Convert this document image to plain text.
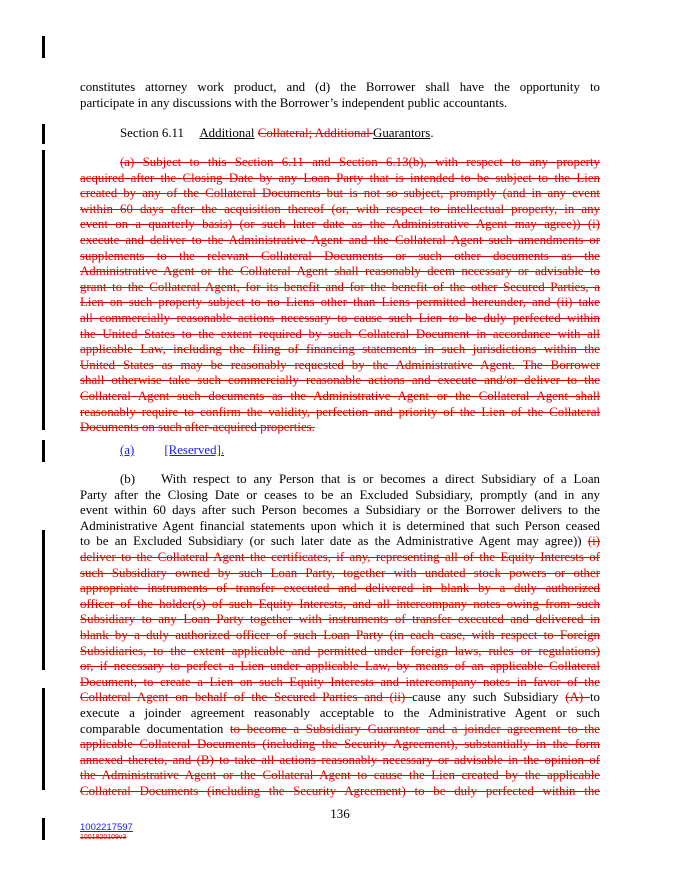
constitutes attorney work product, and (d) the Borrower shall have the opportunity to
participate in any discussions with the Borrower’s independent public accountants.
Section 6.11 Additional Collateral; Additional Guarantors.
(a) Subject to this Section 6.11 and Section 6.13(b), with respect to any property
acquired after the Closing Date by any Loan Party that is intended to be subject to the Lien
created by any of the Collateral Documents but is not so subject, promptly (and in any event
within 60 days after the acquisition thereof (or, with respect to intellectual property, in any
event on a quarterly basis) (or such later date as the Administrative Agent may agree)) (i)
execute and deliver to the Administrative Agent and the Collateral Agent such amendments or
supplements to the relevant Collateral Documents or such other documents as the
Administrative Agent or the Collateral Agent shall reasonably deem necessary or advisable to
grant to the Collateral Agent, for its benefit and for the benefit of the other Secured Parties, a
Lien on such property subject to no Liens other than Liens permitted hereunder, and (ii) take
all commercially reasonable actions necessary to cause such Lien to be duly perfected within
the United States to the extent required by such Collateral Document in accordance with all
applicable Law, including the filing of financing statements in such jurisdictions within the
United States as may be reasonably requested by the Administrative Agent. The Borrower
shall otherwise take such commercially reasonable actions and execute and/or deliver to the
Collateral Agent such documents as the Administrative Agent or the Collateral Agent shall
reasonably require to confirm the validity, perfection and priority of the Lien of the Collateral
Documents on such after-acquired properties.
(a) [Reserved].
(b) With respect to any Person that is or becomes a direct Subsidiary of a Loan
Party after the Closing Date or ceases to be an Excluded Subsidiary, promptly (and in any
event within 60 days after such Person becomes a Subsidiary or the Borrower delivers to the
Administrative Agent financial statements upon which it is determined that such Person ceased
to be an Excluded Subsidiary (or such later date as the Administrative Agent may agree)) (i)
deliver to the Collateral Agent the certificates, if any, representing all of the Equity Interests of
such Subsidiary owned by such Loan Party, together with undated stock powers or other
appropriate instruments of transfer executed and delivered in blank by a duly authorized
officer of the holder(s) of such Equity Interests, and all intercompany notes owing from such
Subsidiary to any Loan Party together with instruments of transfer executed and delivered in
blank by a duly authorized officer of such Loan Party (in each case, with respect to Foreign
Subsidiaries, to the extent applicable and permitted under foreign laws, rules or regulations)
or, if necessary to perfect a Lien under applicable Law, by means of an applicable Collateral
Document, to create a Lien on such Equity Interests and intercompany notes in favor of the
Collateral Agent on behalf of the Secured Parties and (ii) cause any such Subsidiary (A) to
execute a joinder agreement reasonably acceptable to the Administrative Agent or such
comparable documentation to become a Subsidiary Guarantor and a joinder agreement to the
applicable Collateral Documents (including the Security Agreement), substantially in the form
annexed thereto, and (B) to take all actions reasonably necessary or advisable in the opinion of
the Administrative Agent or the Collateral Agent to cause the Lien created by the applicable
Collateral Documents (including the Security Agreement) to be duly perfected within the
136
1002217597
1001820109v3
